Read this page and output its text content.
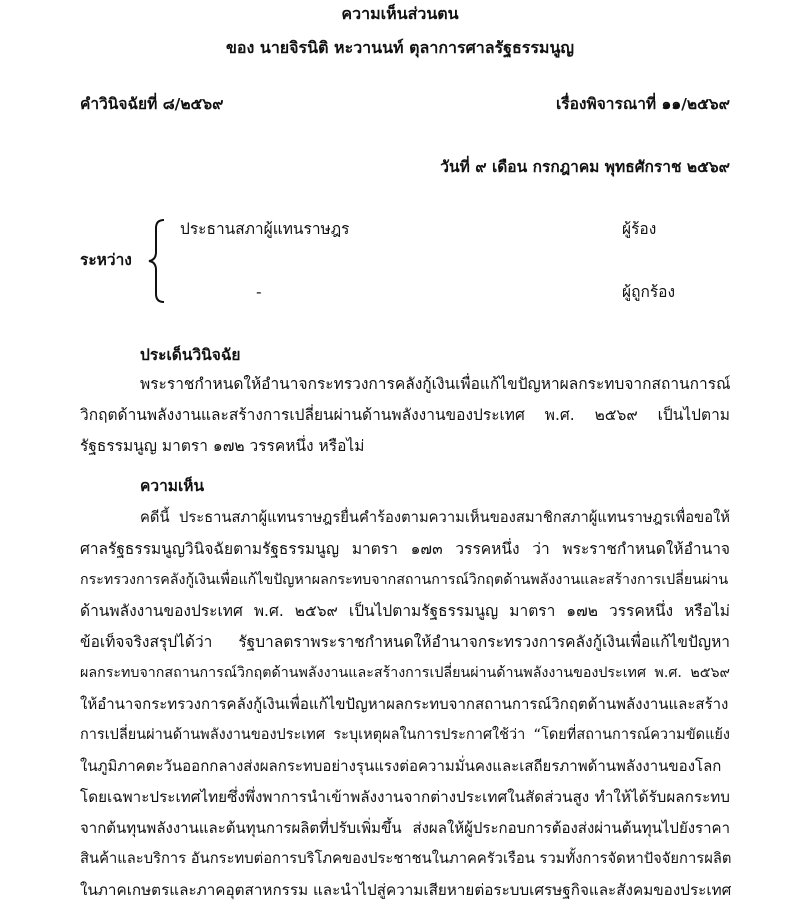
ความเห็นส่วนตน
ของ นายจิรนิติ หะวานนท์ ตุลาการศาลรัฐธรรมนูญ
คำวินิจฉัยที่ ๘/๒๕๖๙	เรื่องพิจารณาที่ ๑๑/๒๕๖๙
วันที่ ๙ เดือน กรกฎาคม พุทธศักราช ๒๕๖๙
ระหว่าง
ประธานสภาผู้แทนราษฎร	ผู้ร้อง
-	ผู้ถูกร้อง
ประเด็นวินิจฉัย
พระราชกำหนดให้อำนาจกระทรวงการคลังกู้เงินเพื่อแก้ไขปัญหาผลกระทบจากสถานการณ์
วิกฤตด้านพลังงานและสร้างการเปลี่ยนผ่านด้านพลังงานของประเทศ พ.ศ. ๒๕๖๙ เป็นไปตาม
รัฐธรรมนูญ มาตรา ๑๗๒ วรรคหนึ่ง หรือไม่
ความเห็น
คดีนี้ ประธานสภาผู้แทนราษฎรยื่นคำร้องตามความเห็นของสมาชิกสภาผู้แทนราษฎรเพื่อขอให้
ศาลรัฐธรรมนูญวินิจฉัยตามรัฐธรรมนูญ มาตรา ๑๗๓ วรรคหนึ่ง ว่า พระราชกำหนดให้อำนาจ
กระทรวงการคลังกู้เงินเพื่อแก้ไขปัญหาผลกระทบจากสถานการณ์วิกฤตด้านพลังงานและสร้างการเปลี่ยนผ่าน
ด้านพลังงานของประเทศ พ.ศ. ๒๕๖๙ เป็นไปตามรัฐธรรมนูญ มาตรา ๑๗๒ วรรคหนึ่ง หรือไม่
ข้อเท็จจริงสรุปได้ว่า รัฐบาลตราพระราชกำหนดให้อำนาจกระทรวงการคลังกู้เงินเพื่อแก้ไขปัญหา
ผลกระทบจากสถานการณ์วิกฤตด้านพลังงานและสร้างการเปลี่ยนผ่านด้านพลังงานของประเทศ พ.ศ. ๒๕๖๙
ให้อำนาจกระทรวงการคลังกู้เงินเพื่อแก้ไขปัญหาผลกระทบจากสถานการณ์วิกฤตด้านพลังงานและสร้าง
การเปลี่ยนผ่านด้านพลังงานของประเทศ ระบุเหตุผลในการประกาศใช้ว่า “โดยที่สถานการณ์ความขัดแย้ง
ในภูมิภาคตะวันออกกลางส่งผลกระทบอย่างรุนแรงต่อความมั่นคงและเสถียรภาพด้านพลังงานของโลก
โดยเฉพาะประเทศไทยซึ่งพึ่งพาการนำเข้าพลังงานจากต่างประเทศในสัดส่วนสูง ทำให้ได้รับผลกระทบ
จากต้นทุนพลังงานและต้นทุนการผลิตที่ปรับเพิ่มขึ้น ส่งผลให้ผู้ประกอบการต้องส่งผ่านต้นทุนไปยังราคา
สินค้าและบริการ อันกระทบต่อการบริโภคของประชาชนในภาคครัวเรือน รวมทั้งการจัดหาปัจจัยการผลิต
ในภาคเกษตรและภาคอุตสาหกรรม และนำไปสู่ความเสียหายต่อระบบเศรษฐกิจและสังคมของประเทศ
